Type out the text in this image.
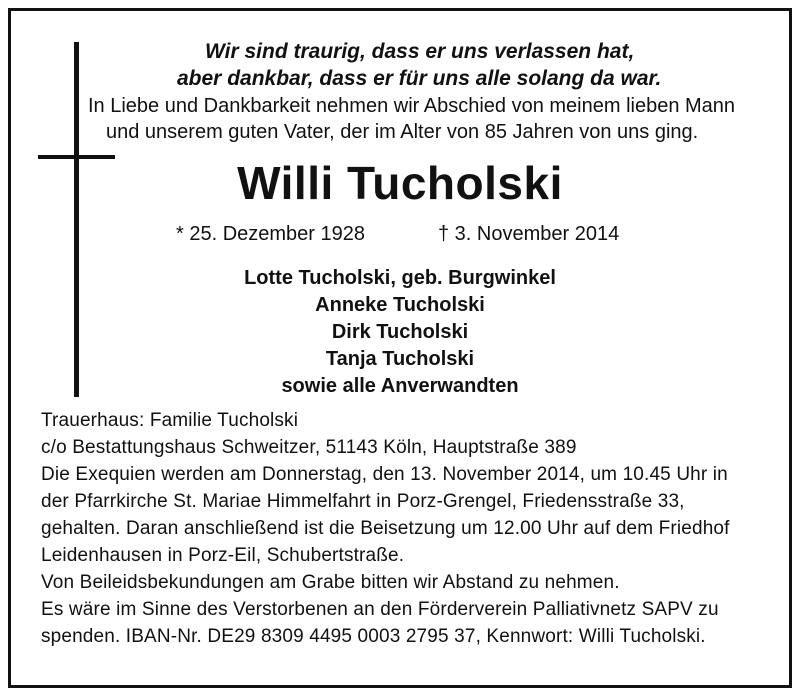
Wir sind traurig, dass er uns verlassen hat,
aber dankbar, dass er für uns alle solang da war.
In Liebe und Dankbarkeit nehmen wir Abschied von meinem lieben Mann
und unserem guten Vater, der im Alter von 85 Jahren von uns ging.
Willi Tucholski
* 25. Dezember 1928	† 3. November 2014
Lotte Tucholski, geb. Burgwinkel
Anneke Tucholski
Dirk Tucholski
Tanja Tucholski
sowie alle Anverwandten
Trauerhaus: Familie Tucholski
c/o Bestattungshaus Schweitzer, 51143 Köln, Hauptstraße 389
Die Exequien werden am Donnerstag, den 13. November 2014, um 10.45 Uhr in
der Pfarrkirche St. Mariae Himmelfahrt in Porz-Grengel, Friedensstraße 33,
gehalten. Daran anschließend ist die Beisetzung um 12.00 Uhr auf dem Friedhof
Leidenhausen in Porz-Eil, Schubertstraße.
Von Beileidsbekundungen am Grabe bitten wir Abstand zu nehmen.
Es wäre im Sinne des Verstorbenen an den Förderverein Palliativnetz SAPV zu
spenden. IBAN-Nr. DE29 8309 4495 0003 2795 37, Kennwort: Willi Tucholski.
